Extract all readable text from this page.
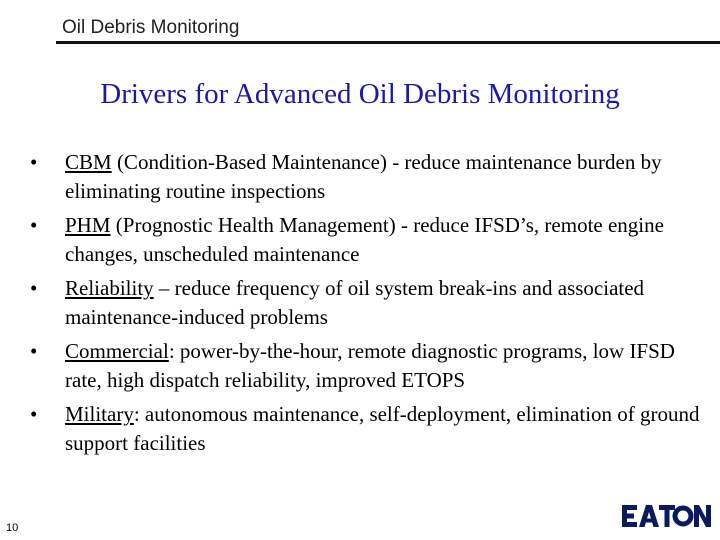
Oil Debris Monitoring
Drivers for Advanced Oil Debris Monitoring
•	CBM (Condition-Based Maintenance) - reduce maintenance burden by eliminating routine inspections
•	PHM (Prognostic Health Management) - reduce IFSD’s, remote engine changes, unscheduled maintenance
•	Reliability – reduce frequency of oil system break-ins and associated maintenance-induced problems
•	Commercial: power-by-the-hour, remote diagnostic programs, low IFSD rate, high dispatch reliability, improved ETOPS
•	Military: autonomous maintenance, self-deployment, elimination of ground support facilities
10
